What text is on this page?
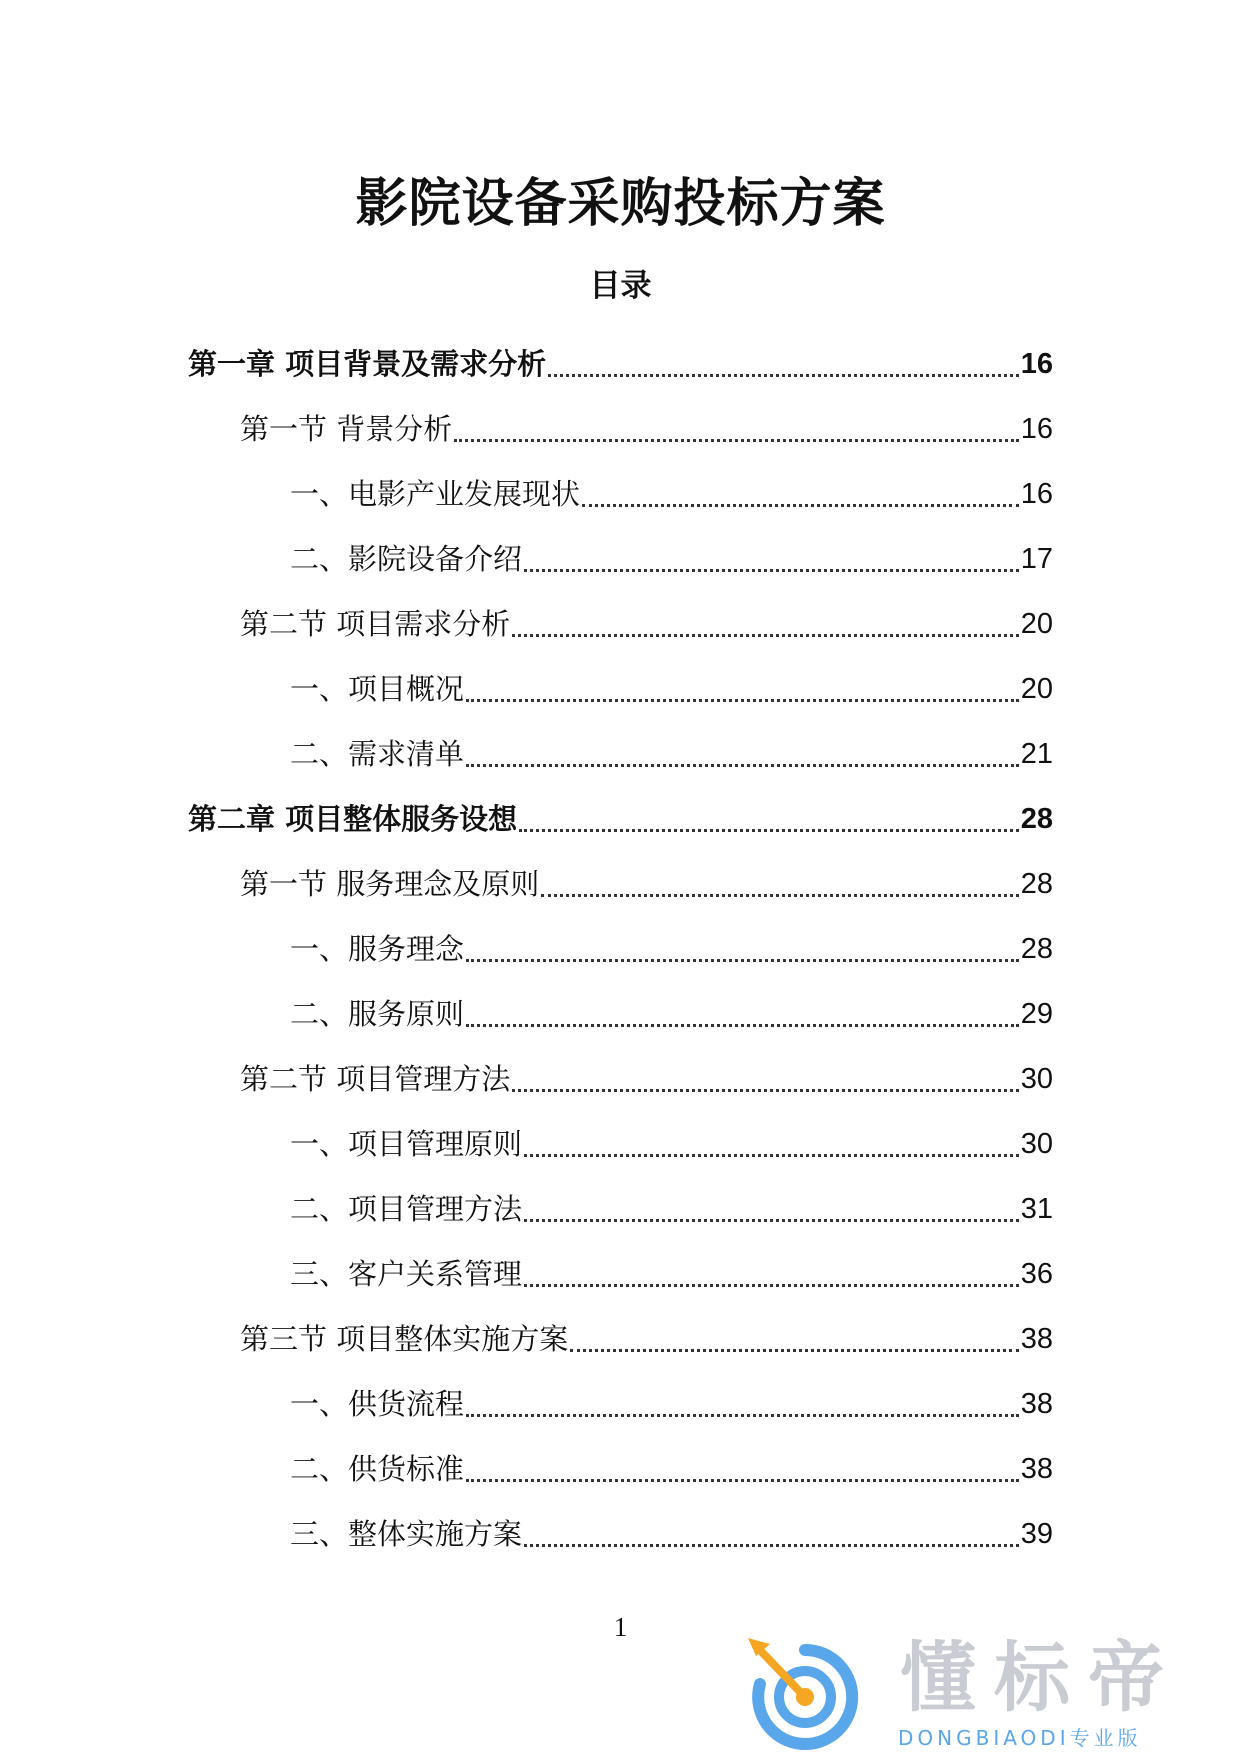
影院设备采购投标方案
目录
第一章 项目背景及需求分析	16
第一节 背景分析	16
一、电影产业发展现状	16
二、影院设备介绍	17
第二节 项目需求分析	20
一、项目概况	20
二、需求清单	21
第二章 项目整体服务设想	28
第一节 服务理念及原则	28
一、服务理念	28
二、服务原则	29
第二节 项目管理方法	30
一、项目管理原则	30
二、项目管理方法	31
三、客户关系管理	36
第三节 项目整体实施方案	38
一、供货流程	38
二、供货标准	38
三、整体实施方案	39
1
懂标帝
DONGBIAODI专业版
